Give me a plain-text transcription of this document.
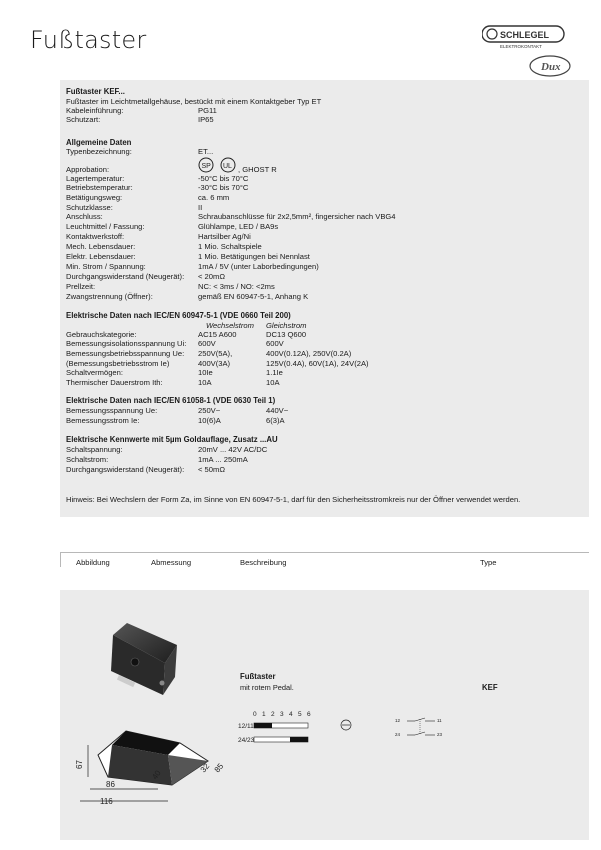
Fußtaster	SCHLEGEL
ELEKTROKONTAKT
Dux
Fußtaster KEF...
Fußtaster im Leichtmetallgehäuse, bestückt mit einem Kontaktgeber Typ ET
Kabeleinführung:	PG11
Schutzart:	IP65
Allgemeine Daten
Typenbezeichnung:	ET...
Approbation:	SP UL , GHOST R
Lagertemperatur:	-50°C bis 70°C
Betriebstemperatur:	-30°C bis 70°C
Betätigungsweg:	ca. 6 mm
Schutzklasse:	II
Anschluss:	Schraubanschlüsse für 2x2,5mm², fingersicher nach VBG4
Leuchtmittel / Fassung:	Glühlampe, LED / BA9s
Kontaktwerkstoff:	Hartsilber Ag/Ni
Mech. Lebensdauer:	1 Mio. Schaltspiele
Elektr. Lebensdauer:	1 Mio. Betätigungen bei Nennlast
Min. Strom / Spannung:	1mA / 5V (unter Laborbedingungen)
Durchgangswiderstand (Neugerät): < 20mΩ
Prellzeit:	NC: < 3ms / NO: <2ms
Zwangstrennung (Öffner):	gemäß EN 60947-5-1, Anhang K
Elektrische Daten nach IEC/EN 60947-5-1 (VDE 0660 Teil 200)
Wechselstrom Gleichstrom
Gebrauchskategorie:	AC15 A600	DC13 Q600
Bemessungsisolationsspannung Ui: 600V	600V
Bemessungsbetriebsspannung Ue: 250V(5A),	400V(0.12A), 250V(0.2A)
(Bemessungsbetriebsstrom Ie)	400V(3A)	125V(0.4A), 60V(1A), 24V(2A)
Schaltvermögen:	10Ie	1.1Ie
Thermischer Dauerstrom Ith:	10A	10A
Elektrische Daten nach IEC/EN 61058-1 (VDE 0630 Teil 1)
Bemessungsspannung Ue:	250V~	440V~
Bemessungsstrom Ie:	10(6)A	6(3)A
Elektrische Kennwerte mit 5µm Goldauflage, Zusatz ...AU
Schaltspannung:	20mV ... 42V AC/DC
Schaltstrom:	1mA ... 250mA
Durchgangswiderstand (Neugerät): < 50mΩ
Hinweis: Bei Wechslern der Form Za, im Sinne von EN 60947-5-1, darf für den Sicherheitsstromkreis nur der Öffner verwendet werden.
Abbildung	Abmessung	Beschreibung	Type
67
86
116
32 85
40
Fußtaster
mit rotem Pedal.	KEF
0 1 2 3 4 5 6
12/11
24/23
12	11
24	23
